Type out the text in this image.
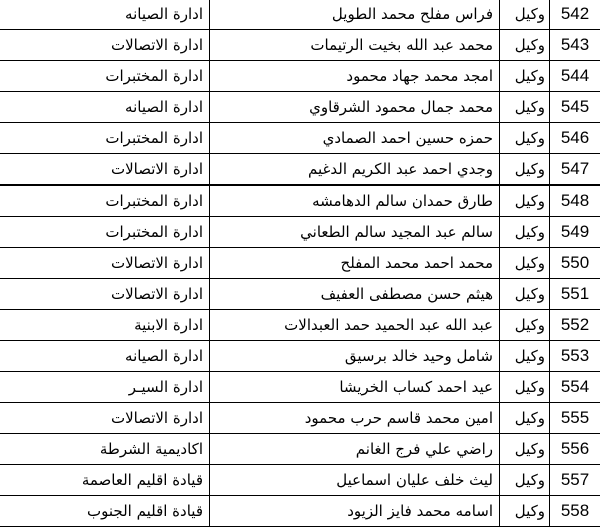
ادارة الصيانه	فراس مفلح محمد الطويل	وكيل 542
ادارة الاتصالات	محمد عبد الله بخيت الرتيمات	وكيل 543
ادارة المختبرات	امجد محمد جهاد محمود	وكيل 544
ادارة الصيانه	محمد جمال محمود الشرقاوي	وكيل 545
ادارة المختبرات	حمزه حسين احمد الصمادي	وكيل 546
ادارة الاتصالات	وجدي احمد عبد الكريم الدغيم	وكيل 547
ادارة المختبرات	طارق حمدان سالم الدهامشه	وكيل 548
ادارة المختبرات	سالم عبد المجيد سالم الطعاني	وكيل 549
ادارة الاتصالات	محمد احمد محمد المفلح	وكيل 550
ادارة الاتصالات	هيثم حسن مصطفى العفيف	وكيل 551
ادارة الابنية	عبد الله عبد الحميد حمد العبدالات	وكيل 552
ادارة الصيانه	شامل وحيد خالد برسيق	وكيل 553
ادارة السيـر	عيد احمد كساب الخريشا	وكيل 554
ادارة الاتصالات	امين محمد قاسم حرب محمود	وكيل 555
اكاديمية الشرطة	راضي علي فرج الغانم	وكيل 556
قيادة اقليم العاصمة	ليث خلف عليان اسماعيل	وكيل 557
قيادة اقليم الجنوب	اسامه محمد فايز الزيود	وكيل 558
